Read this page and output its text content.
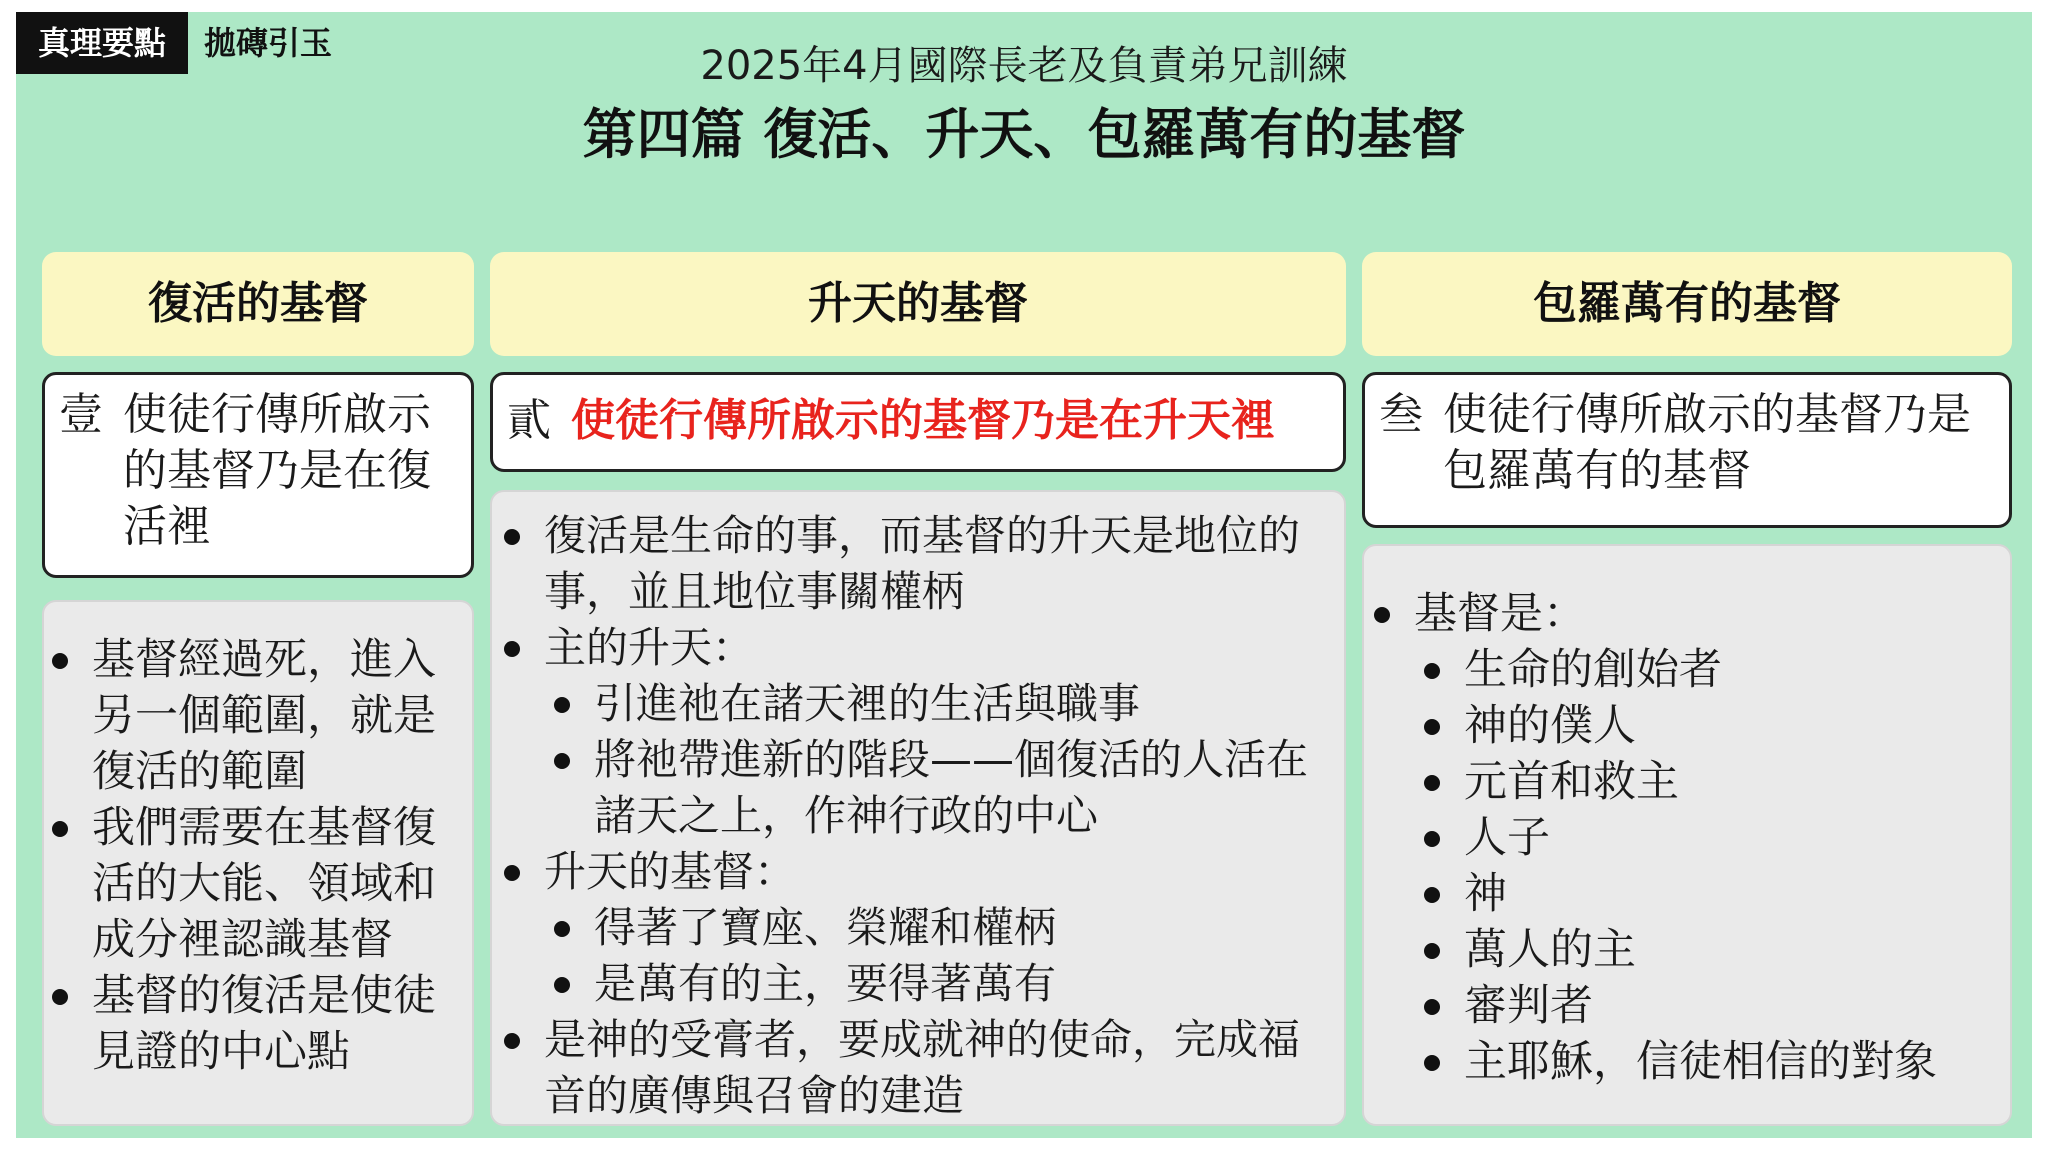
真理要點	拋磚引玉	2025年4月國際長老及負責弟兄訓練
第四篇 復活、升天、包羅萬有的基督
復活的基督
壹 使徒行傳所啟示的基督乃是在復活裡
基督經過死，進入另一個範圍，就是復活的範圍
我們需要在基督復活的大能、領域和成分裡認識基督
基督的復活是使徒見證的中心點
升天的基督
貳 使徒行傳所啟示的基督乃是在升天裡
復活是生命的事，而基督的升天是地位的事，並且地位事關權柄
主的升天：
引進祂在諸天裡的生活與職事
將祂帶進新的階段——個復活的人活在諸天之上，作神行政的中心
升天的基督：
得著了寶座、榮耀和權柄
是萬有的主，要得著萬有
是神的受膏者，要成就神的使命，完成福音的廣傳與召會的建造
包羅萬有的基督
叁 使徒行傳所啟示的基督乃是包羅萬有的基督
基督是：
生命的創始者
神的僕人
元首和救主
人子
神
萬人的主
審判者
主耶穌，信徒相信的對象
